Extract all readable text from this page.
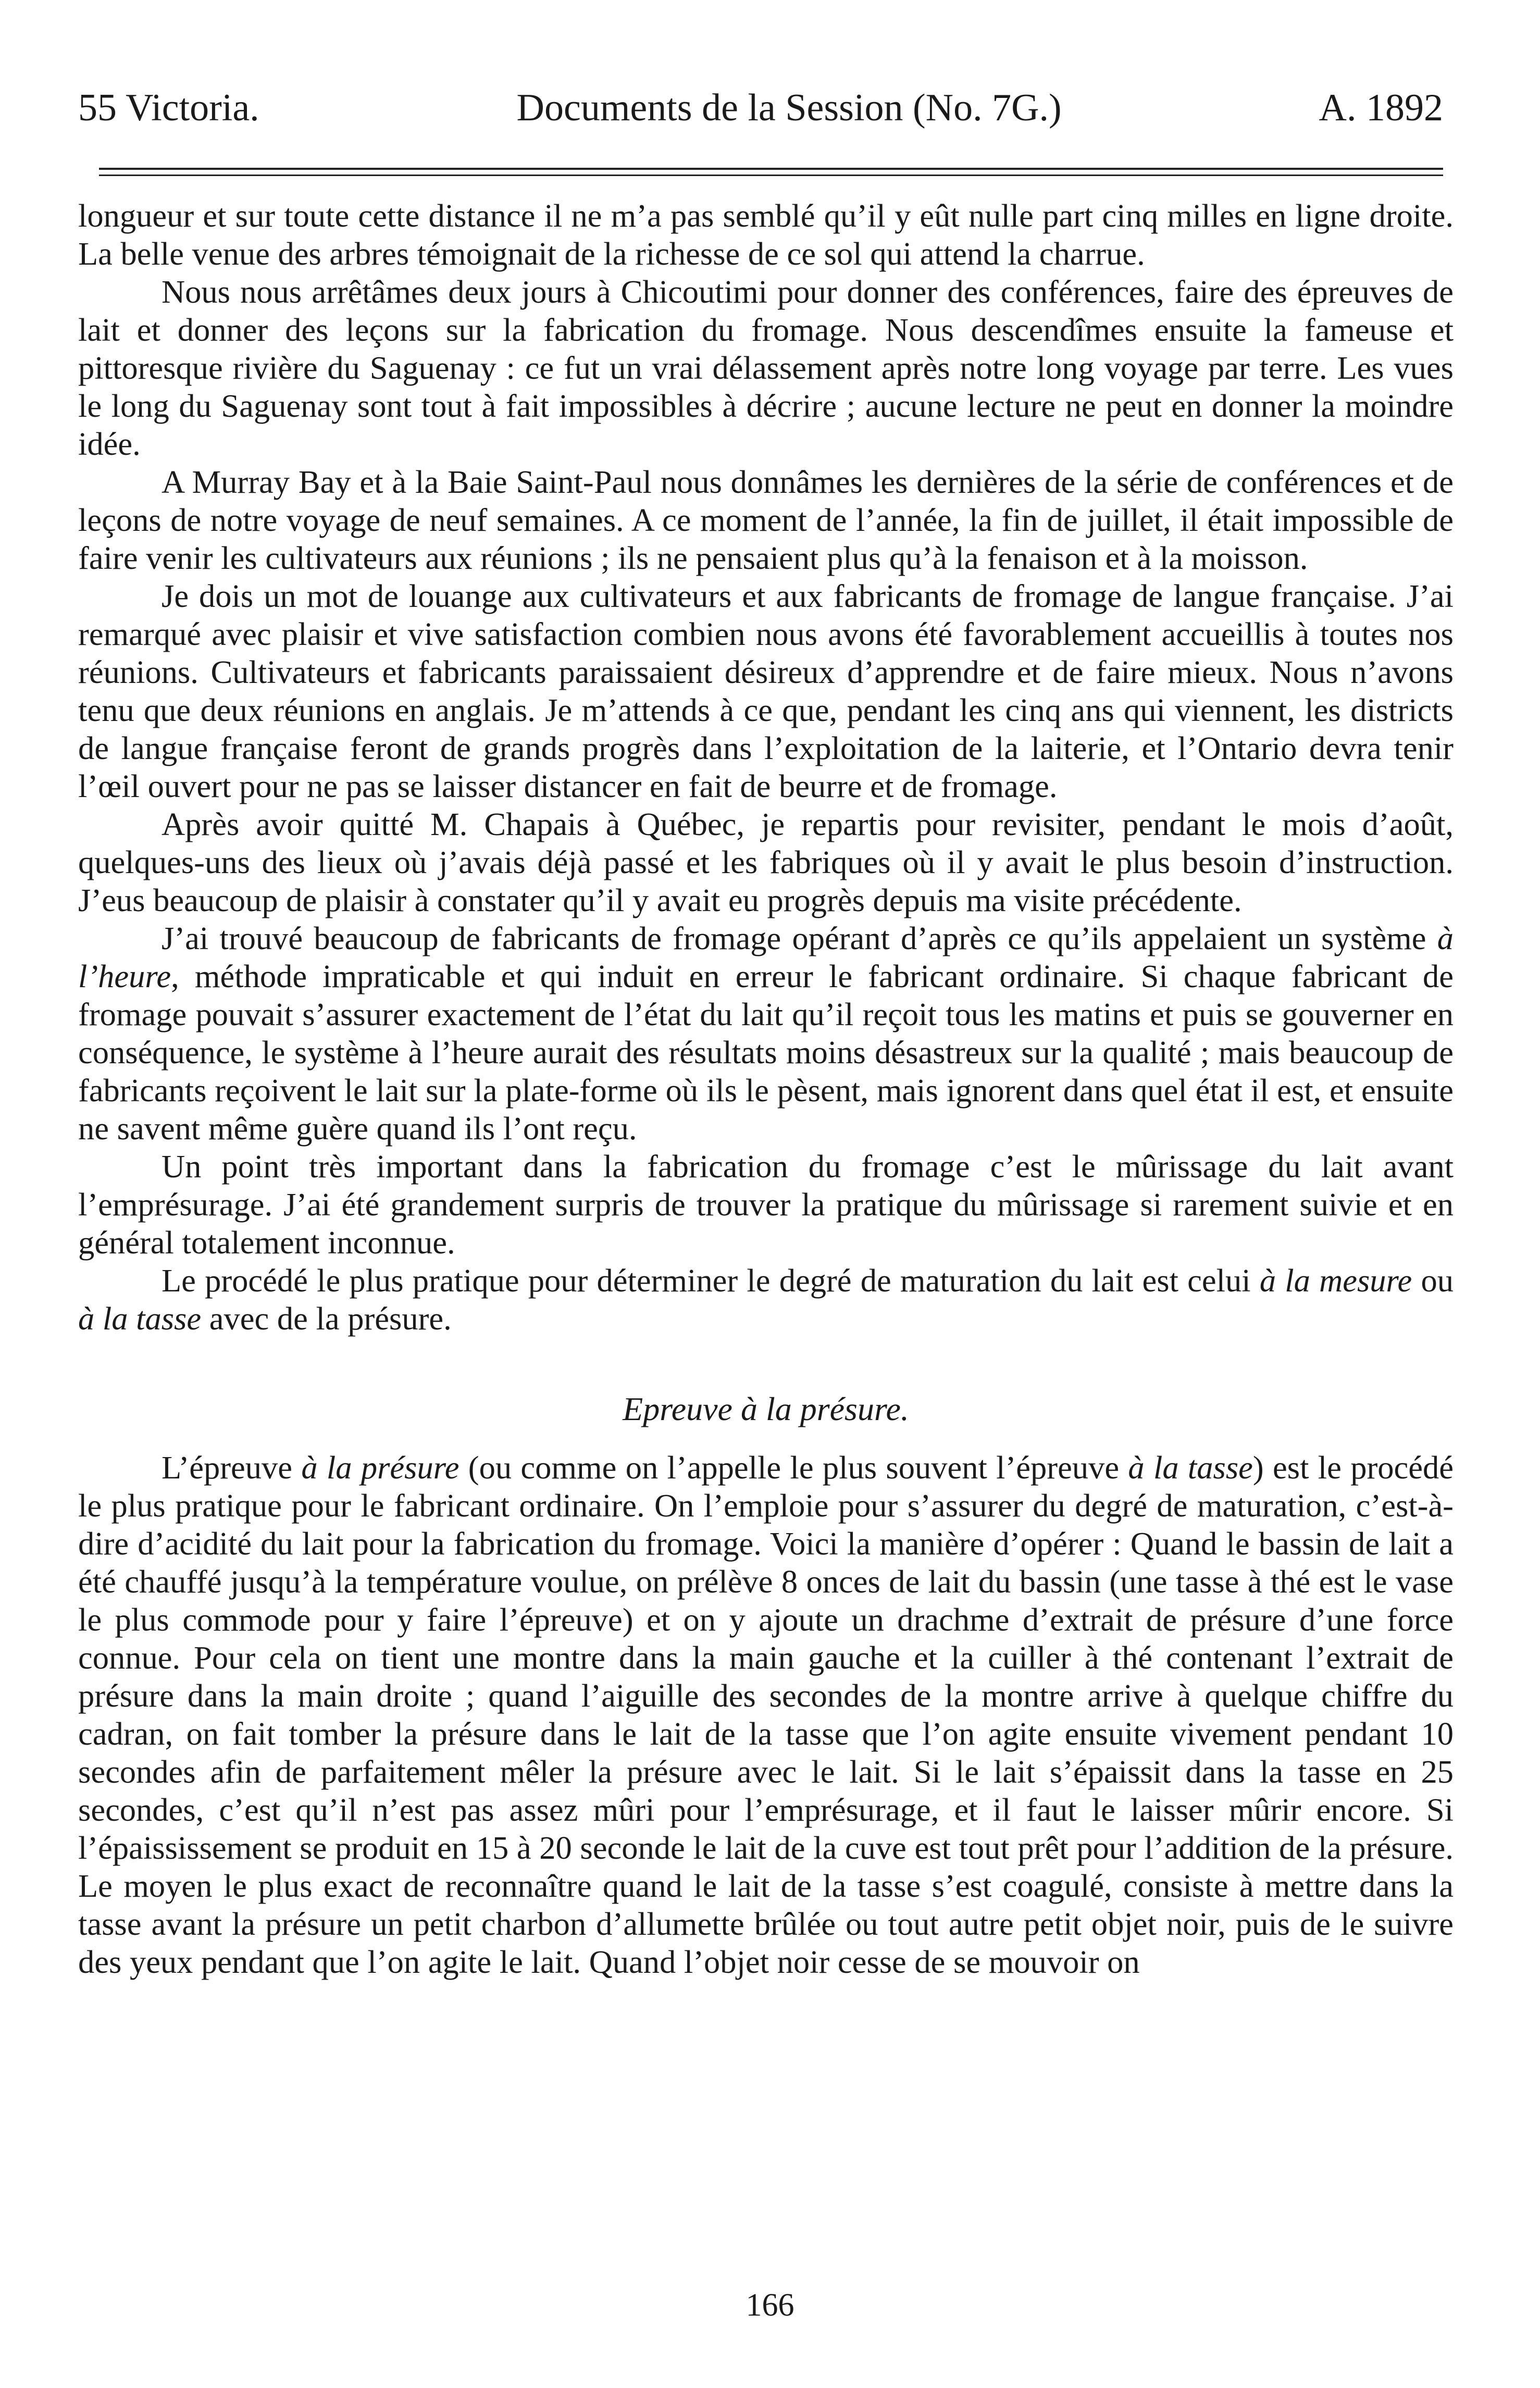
55 Victoria.	Documents de la Session (No. 7G.)	A. 1892

longueur et sur toute cette distance il ne m’a pas semblé qu’il y eût nulle part cinq milles en ligne droite. La belle venue des arbres témoignait de la richesse de ce sol qui attend la charrue.

Nous nous arrêtâmes deux jours à Chicoutimi pour donner des conférences, faire des épreuves de lait et donner des leçons sur la fabrication du fromage. Nous descendîmes ensuite la fameuse et pittoresque rivière du Saguenay : ce fut un vrai délassement après notre long voyage par terre. Les vues le long du Saguenay sont tout à fait impossibles à décrire ; aucune lecture ne peut en donner la moindre idée.

A Murray Bay et à la Baie Saint-Paul nous donnâmes les dernières de la série de conférences et de leçons de notre voyage de neuf semaines. A ce moment de l’année, la fin de juillet, il était impossible de faire venir les cultivateurs aux réunions ; ils ne pensaient plus qu’à la fenaison et à la moisson.

Je dois un mot de louange aux cultivateurs et aux fabricants de fromage de langue française. J’ai remarqué avec plaisir et vive satisfaction combien nous avons été favorablement accueillis à toutes nos réunions. Cultivateurs et fabricants paraissaient désireux d’apprendre et de faire mieux. Nous n’avons tenu que deux réunions en anglais. Je m’attends à ce que, pendant les cinq ans qui viennent, les districts de langue française feront de grands progrès dans l’exploitation de la laiterie, et l’Ontario devra tenir l’œil ouvert pour ne pas se laisser distancer en fait de beurre et de fromage.

Après avoir quitté M. Chapais à Québec, je repartis pour revisiter, pendant le mois d’août, quelques-uns des lieux où j’avais déjà passé et les fabriques où il y avait le plus besoin d’instruction. J’eus beaucoup de plaisir à constater qu’il y avait eu progrès depuis ma visite précédente.

J’ai trouvé beaucoup de fabricants de fromage opérant d’après ce qu’ils appelaient un système à l’heure, méthode impraticable et qui induit en erreur le fabricant ordinaire. Si chaque fabricant de fromage pouvait s’assurer exactement de l’état du lait qu’il reçoit tous les matins et puis se gouverner en conséquence, le système à l’heure aurait des résultats moins désastreux sur la qualité ; mais beaucoup de fabricants reçoivent le lait sur la plate-forme où ils le pèsent, mais ignorent dans quel état il est, et ensuite ne savent même guère quand ils l’ont reçu.

Un point très important dans la fabrication du fromage c’est le mûrissage du lait avant l’emprésurage. J’ai été grandement surpris de trouver la pratique du mûrissage si rarement suivie et en général totalement inconnue.

Le procédé le plus pratique pour déterminer le degré de maturation du lait est celui à la mesure ou à la tasse avec de la présure.

Epreuve à la présure.

L’épreuve à la présure (ou comme on l’appelle le plus souvent l’épreuve à la tasse) est le procédé le plus pratique pour le fabricant ordinaire. On l’emploie pour s’assurer du degré de maturation, c’est-à-dire d’acidité du lait pour la fabrication du fromage. Voici la manière d’opérer : Quand le bassin de lait a été chauffé jusqu’à la température voulue, on prélève 8 onces de lait du bassin (une tasse à thé est le vase le plus commode pour y faire l’épreuve) et on y ajoute un drachme d’extrait de présure d’une force connue. Pour cela on tient une montre dans la main gauche et la cuiller à thé contenant l’extrait de présure dans la main droite ; quand l’aiguille des secondes de la montre arrive à quelque chiffre du cadran, on fait tomber la présure dans le lait de la tasse que l’on agite ensuite vivement pendant 10 secondes afin de parfaitement mêler la présure avec le lait. Si le lait s’épaissit dans la tasse en 25 secondes, c’est qu’il n’est pas assez mûri pour l’emprésurage, et il faut le laisser mûrir encore. Si l’épaississement se produit en 15 à 20 seconde le lait de la cuve est tout prêt pour l’addition de la présure. Le moyen le plus exact de reconnaître quand le lait de la tasse s’est coagulé, consiste à mettre dans la tasse avant la présure un petit charbon d’allumette brûlée ou tout autre petit objet noir, puis de le suivre des yeux pendant que l’on agite le lait. Quand l’objet noir cesse de se mouvoir on

166
